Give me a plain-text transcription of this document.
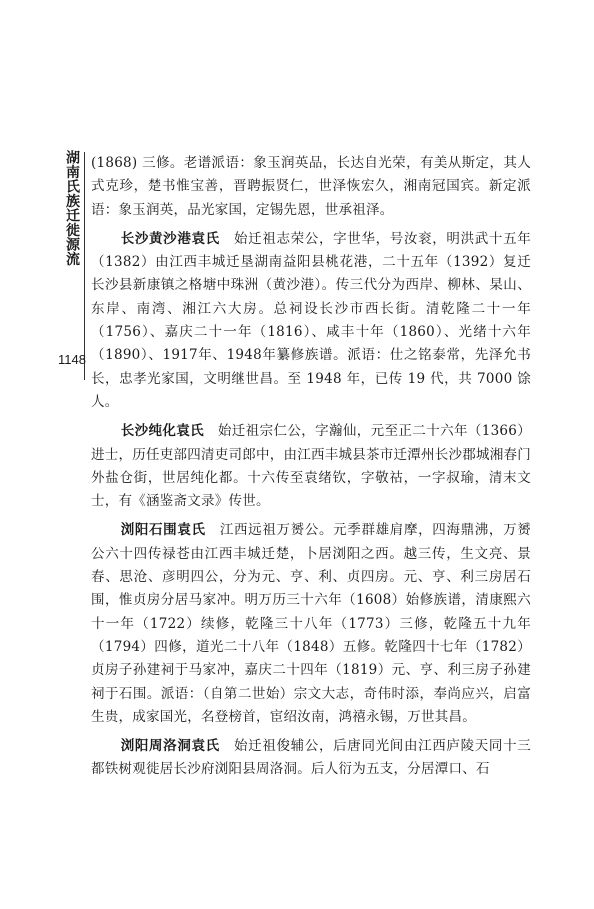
湖南氏族迁徙源流
1148

(1868) 三修。老谱派语：象玉润英品，长达自光荣，有美从斯定，其人式克珍，楚书惟宝善，晋聘振贤仁，世泽恢宏久，湘南冠国宾。新定派语：象玉润英，品光家国，定锡先恩，世承祖泽。

长沙黄沙港袁氏  始迁祖志荣公，字世华，号汝衮，明洪武十五年（1382）由江西丰城迁垦湖南益阳县桃花港，二十五年（1392）复迁长沙县新康镇之格塘中珠洲（黄沙港）。传三代分为西岸、柳林、杲山、东岸、南湾、湘江六大房。总祠设长沙市西长街。清乾隆二十一年（1756）、嘉庆二十一年（1816）、咸丰十年（1860）、光绪十六年（1890）、1917年、1948年纂修族谱。派语：仕之铭泰常，先泽允书长，忠孝光家国，文明继世昌。至 1948 年，已传 19 代，共 7000 馀人。

长沙纯化袁氏  始迁祖宗仁公，字瀚仙，元至正二十六年（1366）进士，历任吏部四清吏司郎中，由江西丰城县茶市迁潭州长沙郡城湘春门外盐仓街，世居纯化都。十六传至袁绪钦，字敬祜，一字叔瑜，清末文士，有《涵鉴斋文录》传世。

浏阳石围袁氏  江西远祖万赟公。元季群雄肩摩，四海鼎沸，万赟公六十四传禄苍由江西丰城迁楚，卜居浏阳之西。越三传，生文亮、景春、思沧、彦明四公，分为元、亨、利、贞四房。元、亨、利三房居石围，惟贞房分居马家冲。明万历三十六年（1608）始修族谱，清康熙六十一年（1722）续修，乾隆三十八年（1773）三修，乾隆五十九年（1794）四修，道光二十八年（1848）五修。乾隆四十七年（1782）贞房子孙建祠于马家冲，嘉庆二十四年（1819）元、亨、利三房子孙建祠于石围。派语：（自第二世始）宗文大志，奇伟时添，奉尚应兴，启富生贵，成家国光，名登榜首，宦绍汝南，鸿禧永锡，万世其昌。

浏阳周洛洞袁氏  始迁祖俊辅公，后唐同光间由江西庐陵天同十三都铁树观徙居长沙府浏阳县周洛洞。后人衍为五支，分居潭口、石
